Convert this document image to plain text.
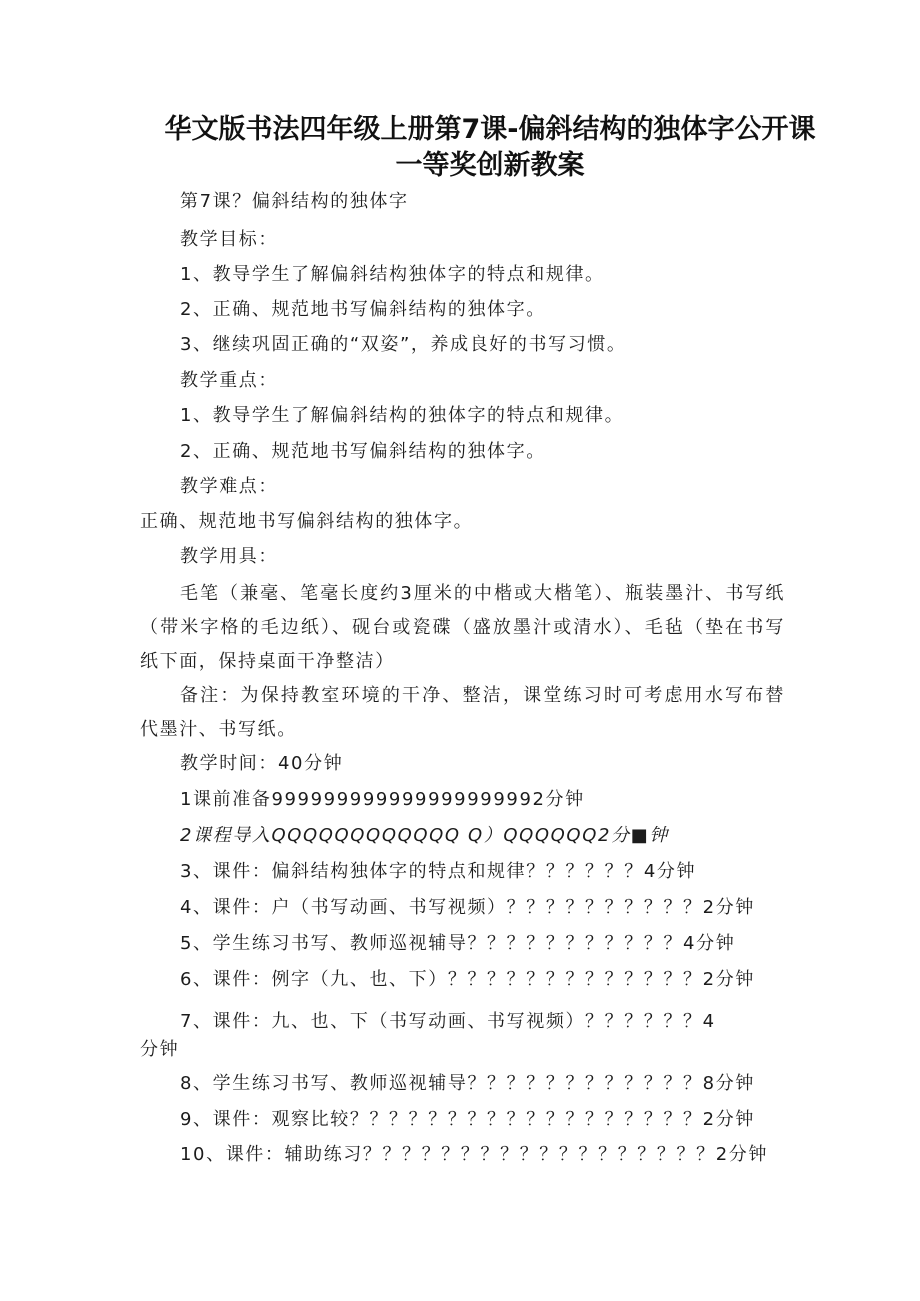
华文版书法四年级上册第7课-偏斜结构的独体字公开课
一等奖创新教案
第7课？偏斜结构的独体字
教学目标：
1、教导学生了解偏斜结构独体字的特点和规律。
2、正确、规范地书写偏斜结构的独体字。
3、继续巩固正确的“双姿”，养成良好的书写习惯。
教学重点：
1、教导学生了解偏斜结构的独体字的特点和规律。
2、正确、规范地书写偏斜结构的独体字。
教学难点：
正确、规范地书写偏斜结构的独体字。
教学用具：
毛笔（兼毫、笔毫长度约3厘米的中楷或大楷笔）、瓶装墨汁、书写纸（带米字格的毛边纸）、砚台或瓷碟（盛放墨汁或清水）、毛毡（垫在书写纸下面，保持桌面干净整洁）
备注：为保持教室环境的干净、整洁，课堂练习时可考虑用水写布替代墨汁、书写纸。
教学时间：40分钟
1课前准备999999999999999999992分钟
2课程导入QQQQQQQQQQQQ Q）QQQQQQ2分■钟
3、课件：偏斜结构独体字的特点和规律？？？？？？4分钟
4、课件：户（书写动画、书写视频）？？？？？？？？？？2分钟
5、学生练习书写、教师巡视辅导？？？？？？？？？？？4分钟
6、课件：例字（九、也、下）？？？？？？？？？？？？？2分钟
7、课件：九、也、下（书写动画、书写视频）？？？？？？4
分钟
8、学生练习书写、教师巡视辅导？？？？？？？？？？？？8分钟
9、课件：观察比较？？？？？？？？？？？？？？？？？？2分钟
10、课件：辅助练习？？？？？？？？？？？？？？？？？？2分钟
